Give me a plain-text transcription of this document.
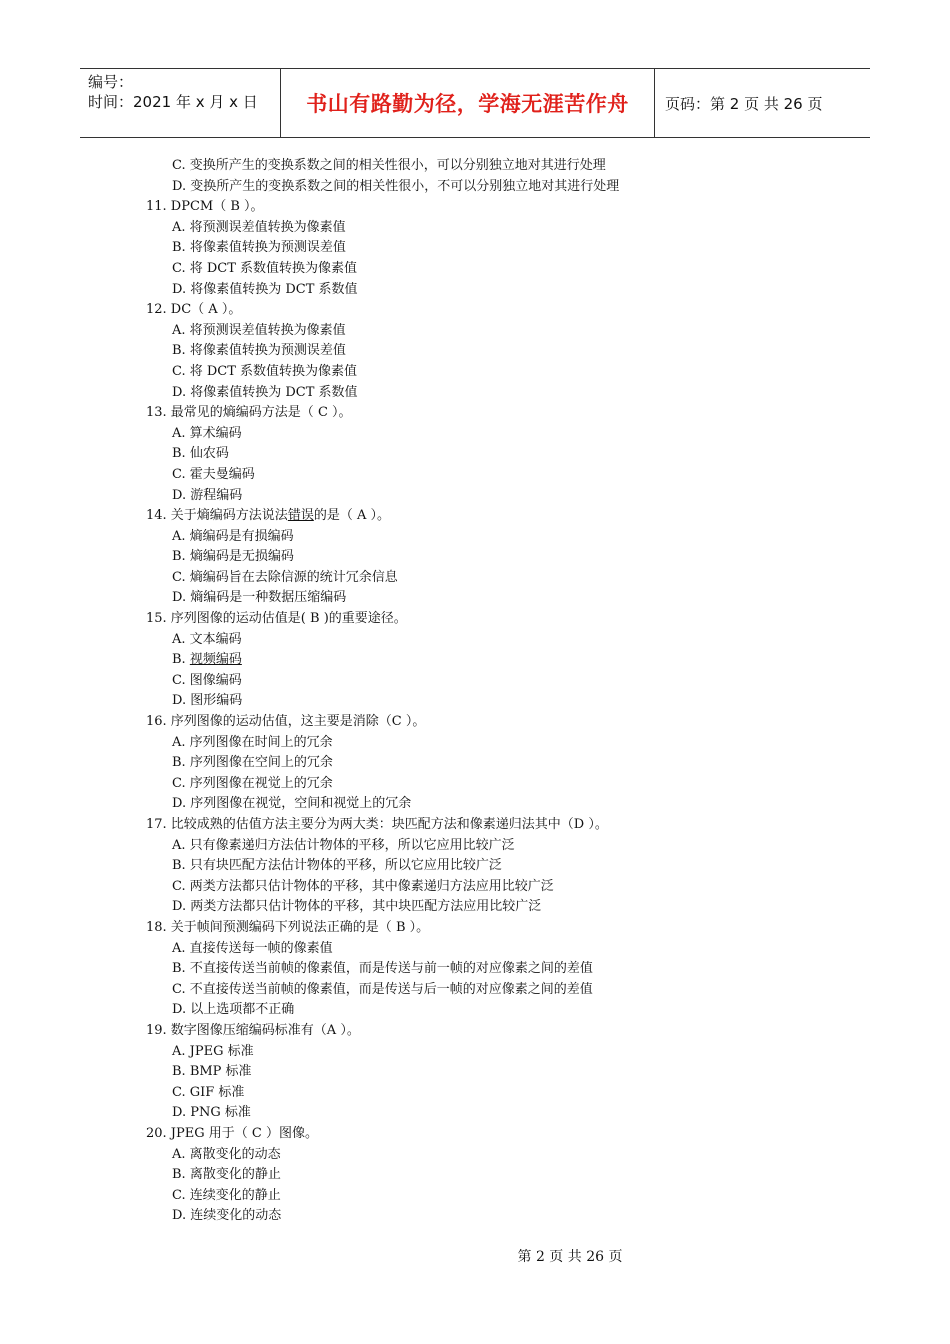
编号：
时间：2021 年 x 月 x 日	书山有路勤为径，学海无涯苦作舟	页码：第 2 页 共 26 页
C. 变换所产生的变换系数之间的相关性很小，可以分别独立地对其进行处理
D. 变换所产生的变换系数之间的相关性很小，不可以分别独立地对其进行处理
11. DPCM（ B ）。
A. 将预测误差值转换为像素值
B. 将像素值转换为预测误差值
C. 将 DCT 系数值转换为像素值
D. 将像素值转换为 DCT 系数值
12. DC（ A ）。
A. 将预测误差值转换为像素值
B. 将像素值转换为预测误差值
C. 将 DCT 系数值转换为像素值
D. 将像素值转换为 DCT 系数值
13. 最常见的熵编码方法是（ C ）。
A. 算术编码
B. 仙农码
C. 霍夫曼编码
D. 游程编码
14. 关于熵编码方法说法错误的是（ A ）。
A. 熵编码是有损编码
B. 熵编码是无损编码
C. 熵编码旨在去除信源的统计冗余信息
D. 熵编码是一种数据压缩编码
15. 序列图像的运动估值是( B )的重要途径。
A. 文本编码
B. 视频编码
C. 图像编码
D. 图形编码
16. 序列图像的运动估值，这主要是消除（C ）。
A. 序列图像在时间上的冗余
B. 序列图像在空间上的冗余
C. 序列图像在视觉上的冗余
D. 序列图像在视觉，空间和视觉上的冗余
17. 比较成熟的估值方法主要分为两大类：块匹配方法和像素递归法其中（D ）。
A. 只有像素递归方法估计物体的平移，所以它应用比较广泛
B. 只有块匹配方法估计物体的平移，所以它应用比较广泛
C. 两类方法都只估计物体的平移，其中像素递归方法应用比较广泛
D. 两类方法都只估计物体的平移，其中块匹配方法应用比较广泛
18. 关于帧间预测编码下列说法正确的是（ B ）。
A. 直接传送每一帧的像素值
B. 不直接传送当前帧的像素值，而是传送与前一帧的对应像素之间的差值
C. 不直接传送当前帧的像素值，而是传送与后一帧的对应像素之间的差值
D. 以上选项都不正确
19. 数字图像压缩编码标准有（A ）。
A. JPEG 标准
B. BMP 标准
C. GIF 标准
D. PNG 标准
20. JPEG 用于（ C ）图像。
A. 离散变化的动态
B. 离散变化的静止
C. 连续变化的静止
D. 连续变化的动态
第 2 页 共 26 页
